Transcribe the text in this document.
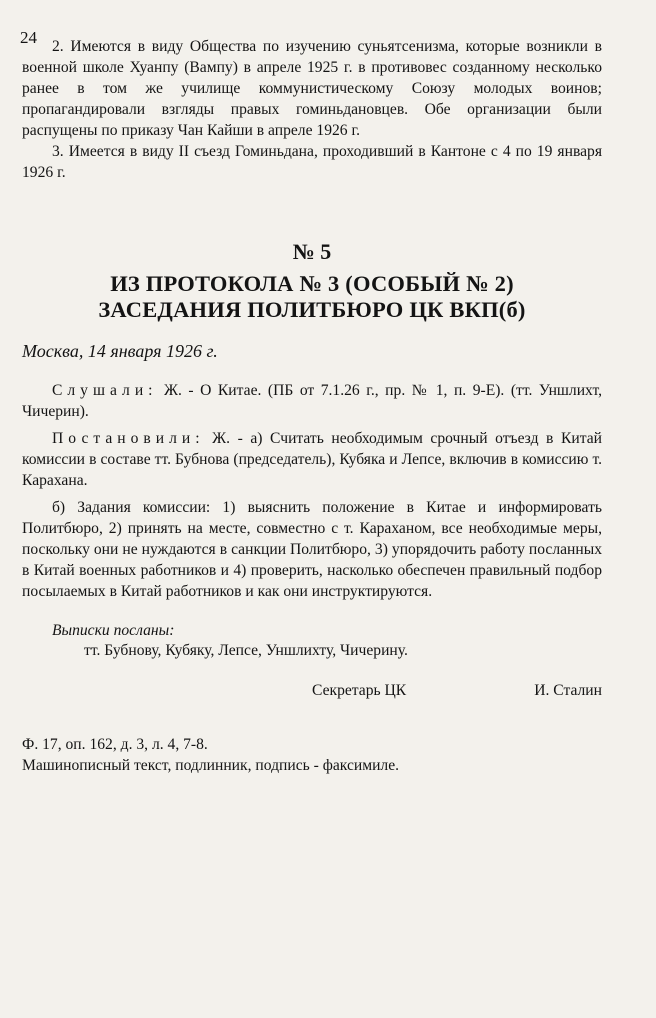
24 2. Имеются в виду Общества по изучению суньятсенизма, которые возникли в военной школе Хуанпу (Вампу) в апреле 1925 г. в противовес созданному несколько ранее в том же училище коммунистическому Союзу молодых воинов; пропагандировали взгляды правых гоминьдановцев. Обе организации были распущены по приказу Чан Кайши в апреле 1926 г.

3. Имеется в виду II съезд Гоминьдана, проходивший в Кантоне с 4 по 19 января 1926 г.

№ 5

ИЗ ПРОТОКОЛА № 3 (ОСОБЫЙ № 2)

ЗАСЕДАНИЯ ПОЛИТБЮРО ЦК ВКП(б)

Москва, 14 января 1926 г.

Слушали: Ж. - О Китае. (ПБ от 7.1.26 г., пр. № 1, п. 9-Е). (тт. Уншлихт, Чичерин).

Постановили: Ж. - а) Считать необходимым срочный отъезд в Китай комиссии в составе тт. Бубнова (председатель), Кубяка и Лепсе, включив в комиссию т. Карахана.

б) Задания комиссии: 1) выяснить положение в Китае и информировать Политбюро, 2) принять на месте, совместно с т. Караханом, все необходимые меры, поскольку они не нуждаются в санкции Политбюро, 3) упорядочить работу посланных в Китай военных работников и 4) проверить, насколько обеспечен правильный подбор посылаемых в Китай работников и как они инструктируются.

Выписки посланы:
тт. Бубнову, Кубяку, Лепсе, Уншлихту, Чичерину.
Секретарь ЦК	И. Сталин
Ф. 17, оп. 162, д. 3, л. 4, 7-8.
Машинописный текст, подлинник, подпись - факсимиле.
